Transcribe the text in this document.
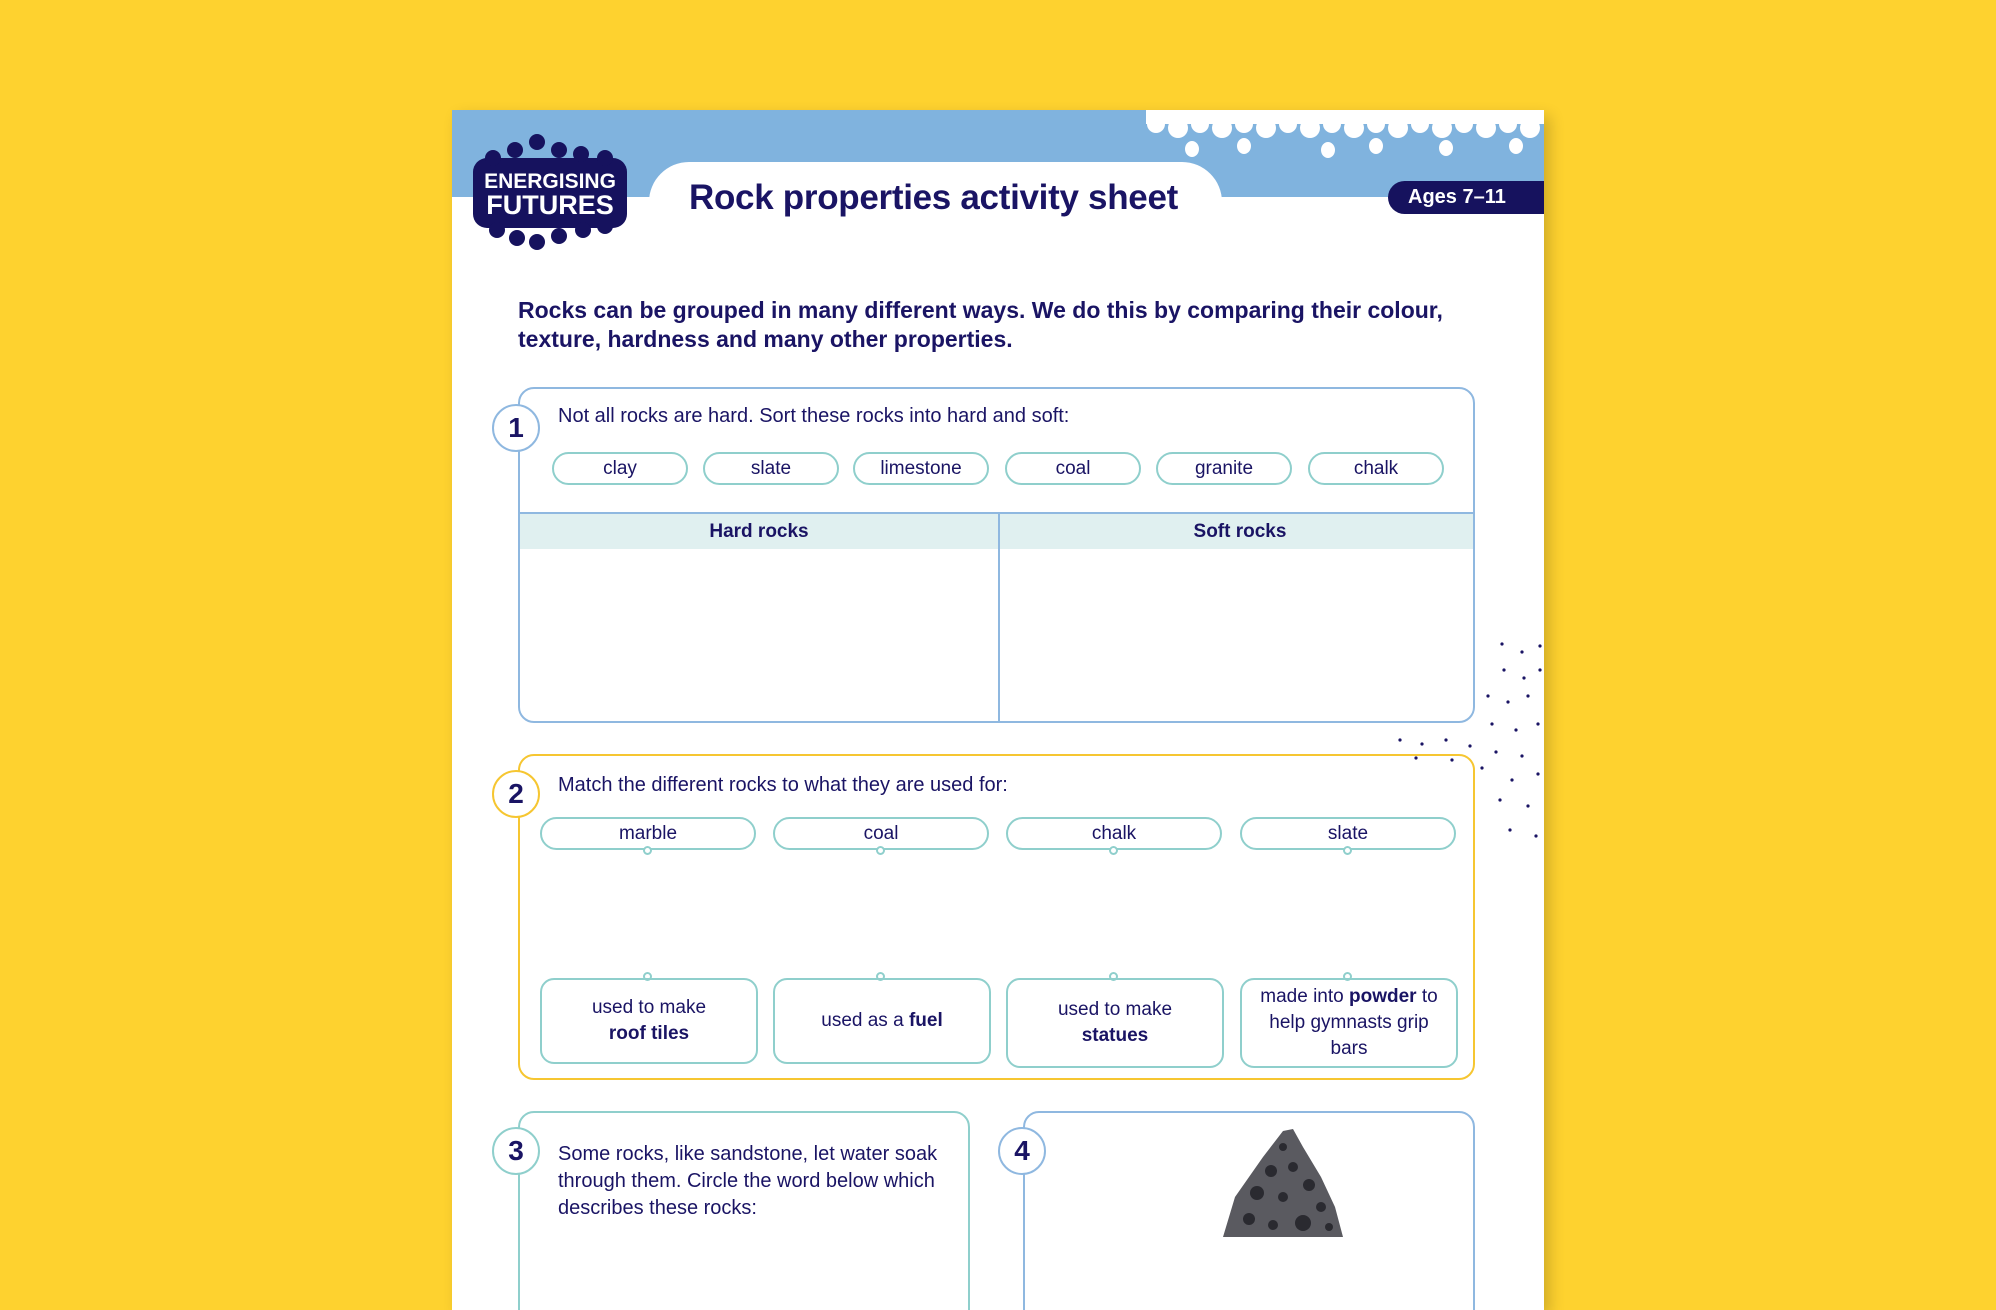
ENERGISING
FUTURES Rock properties activity sheet	Ages 7–11
Rocks can be grouped in many different ways. We do this by comparing their colour, texture, hardness and many other properties.
Not all rocks are hard. Sort these rocks into hard and soft:
clay	slate	limestone	coal	granite	chalk
Hard rocks	Soft rocks
1
Match the different rocks to what they are used for:
marble	coal	chalk	slate
used to make
roof tiles
used as a fuel
used to make
statues
made into powder to help gymnasts grip bars
2
Some rocks, like sandstone, let water soak through them. Circle the word below which describes these rocks:
3	4
